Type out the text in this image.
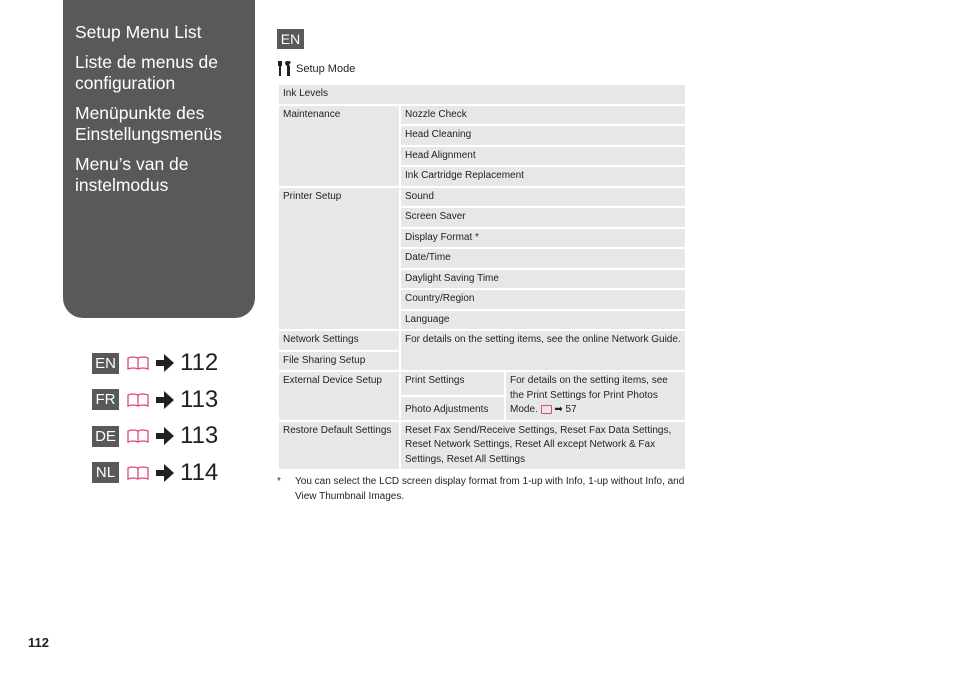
Setup Menu List
Liste de menus de configuration
Menüpunkte des Einstellungsmenüs
Menu’s van de instelmodus
EN	112
FR	113
DE	113
NL	114
EN
Setup Mode
Ink Levels		
Maintenance	Nozzle Check	
	Head Cleaning	
	Head Alignment	
	Ink Cartridge Replacement	
Printer Setup	Sound	
	Screen Saver	
	Display Format *	
	Date/Time	
	Daylight Saving Time	
	Country/Region	
	Language	
Network Settings	For details on the setting items, see the online Network Guide.	
File Sharing Setup		
External Device Setup	Print Settings	For details on the setting items, see the Print Settings for Print Photos Mode. ➡ 57
	Photo Adjustments	
Restore Default Settings	Reset Fax Send/Receive Settings, Reset Fax Data Settings, Reset Network Settings, Reset All except Network & Fax Settings, Reset All Settings	
*	You can select the LCD screen display format from 1-up with Info, 1-up without Info, and View Thumbnail Images.
112
